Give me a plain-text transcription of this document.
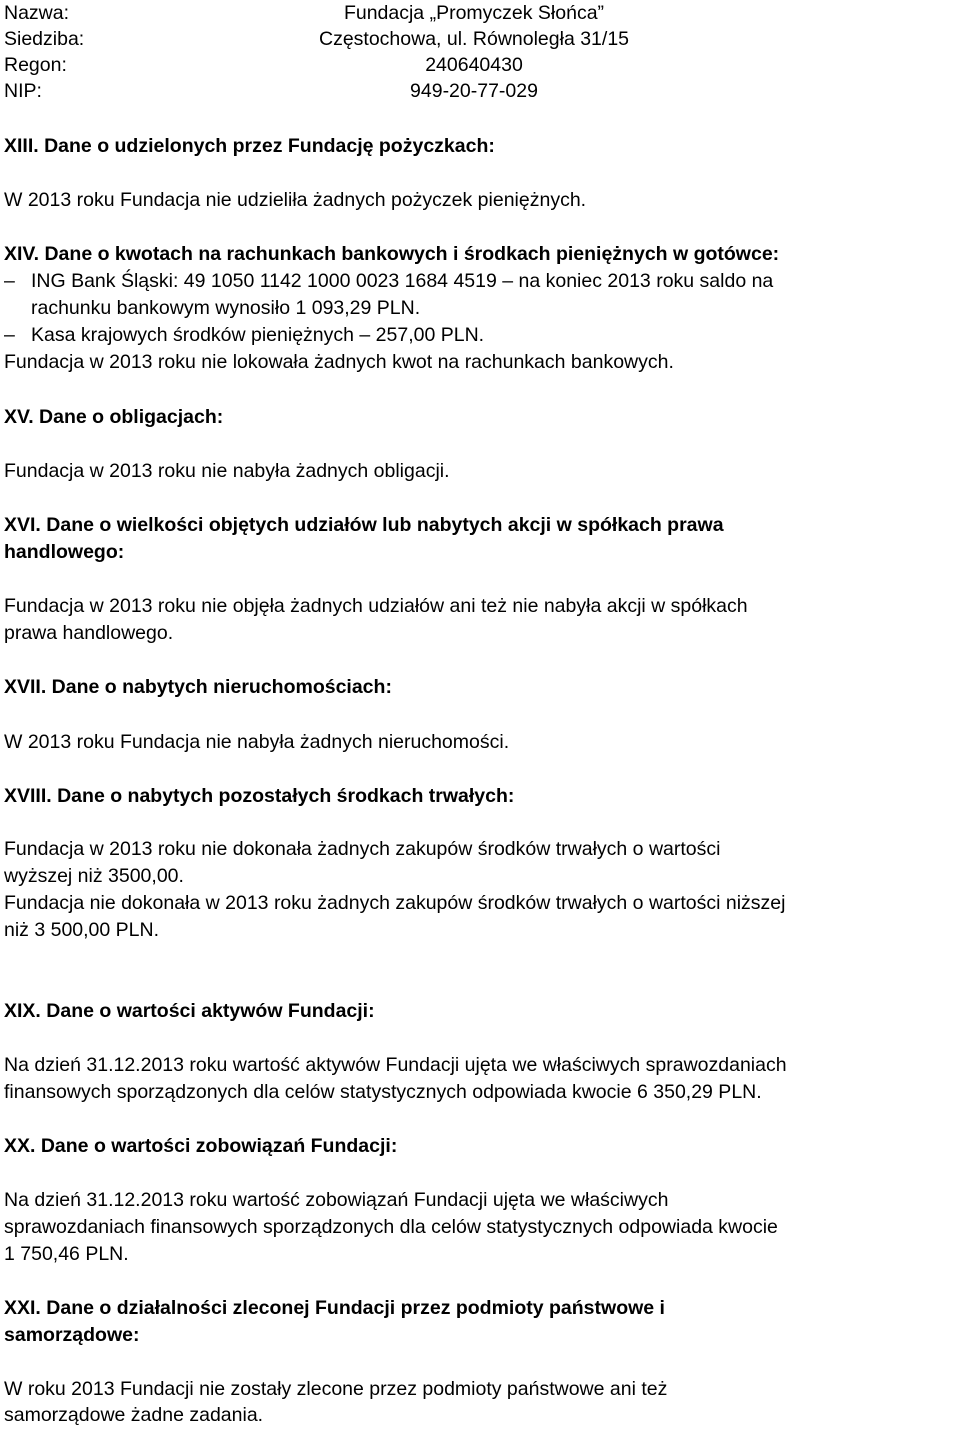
Nazwa:	Fundacja „Promyczek Słońca”
Siedziba:	Częstochowa, ul. Równoległa 31/15
Regon:	240640430
NIP:	949-20-77-029
XIII. Dane o udzielonych przez Fundację pożyczkach:
W 2013 roku Fundacja nie udzieliła żadnych pożyczek pieniężnych.
XIV. Dane o kwotach na rachunkach bankowych i środkach pieniężnych w gotówce:
– ING Bank Śląski: 49 1050 1142 1000 0023 1684 4519 – na koniec 2013 roku saldo na
rachunku bankowym wynosiło 1 093,29 PLN.
– Kasa krajowych środków pieniężnych – 257,00 PLN.
Fundacja w 2013 roku nie lokowała żadnych kwot na rachunkach bankowych.
XV. Dane o obligacjach:
Fundacja w 2013 roku nie nabyła żadnych obligacji.
XVI. Dane o wielkości objętych udziałów lub nabytych akcji w spółkach prawa
handlowego:
Fundacja w 2013 roku nie objęła żadnych udziałów ani też nie nabyła akcji w spółkach
prawa handlowego.
XVII. Dane o nabytych nieruchomościach:
W 2013 roku Fundacja nie nabyła żadnych nieruchomości.
XVIII. Dane o nabytych pozostałych środkach trwałych:
Fundacja w 2013 roku nie dokonała żadnych zakupów środków trwałych o wartości
wyższej niż 3500,00.
Fundacja nie dokonała w 2013 roku żadnych zakupów środków trwałych o wartości niższej
niż 3 500,00 PLN.
XIX. Dane o wartości aktywów Fundacji:
Na dzień 31.12.2013 roku wartość aktywów Fundacji ujęta we właściwych sprawozdaniach
finansowych sporządzonych dla celów statystycznych odpowiada kwocie 6 350,29 PLN.
XX. Dane o wartości zobowiązań Fundacji:
Na dzień 31.12.2013 roku wartość zobowiązań Fundacji ujęta we właściwych
sprawozdaniach finansowych sporządzonych dla celów statystycznych odpowiada kwocie
1 750,46 PLN.
XXI. Dane o działalności zleconej Fundacji przez podmioty państwowe i
samorządowe:
W roku 2013 Fundacji nie zostały zlecone przez podmioty państwowe ani też
samorządowe żadne zadania.
